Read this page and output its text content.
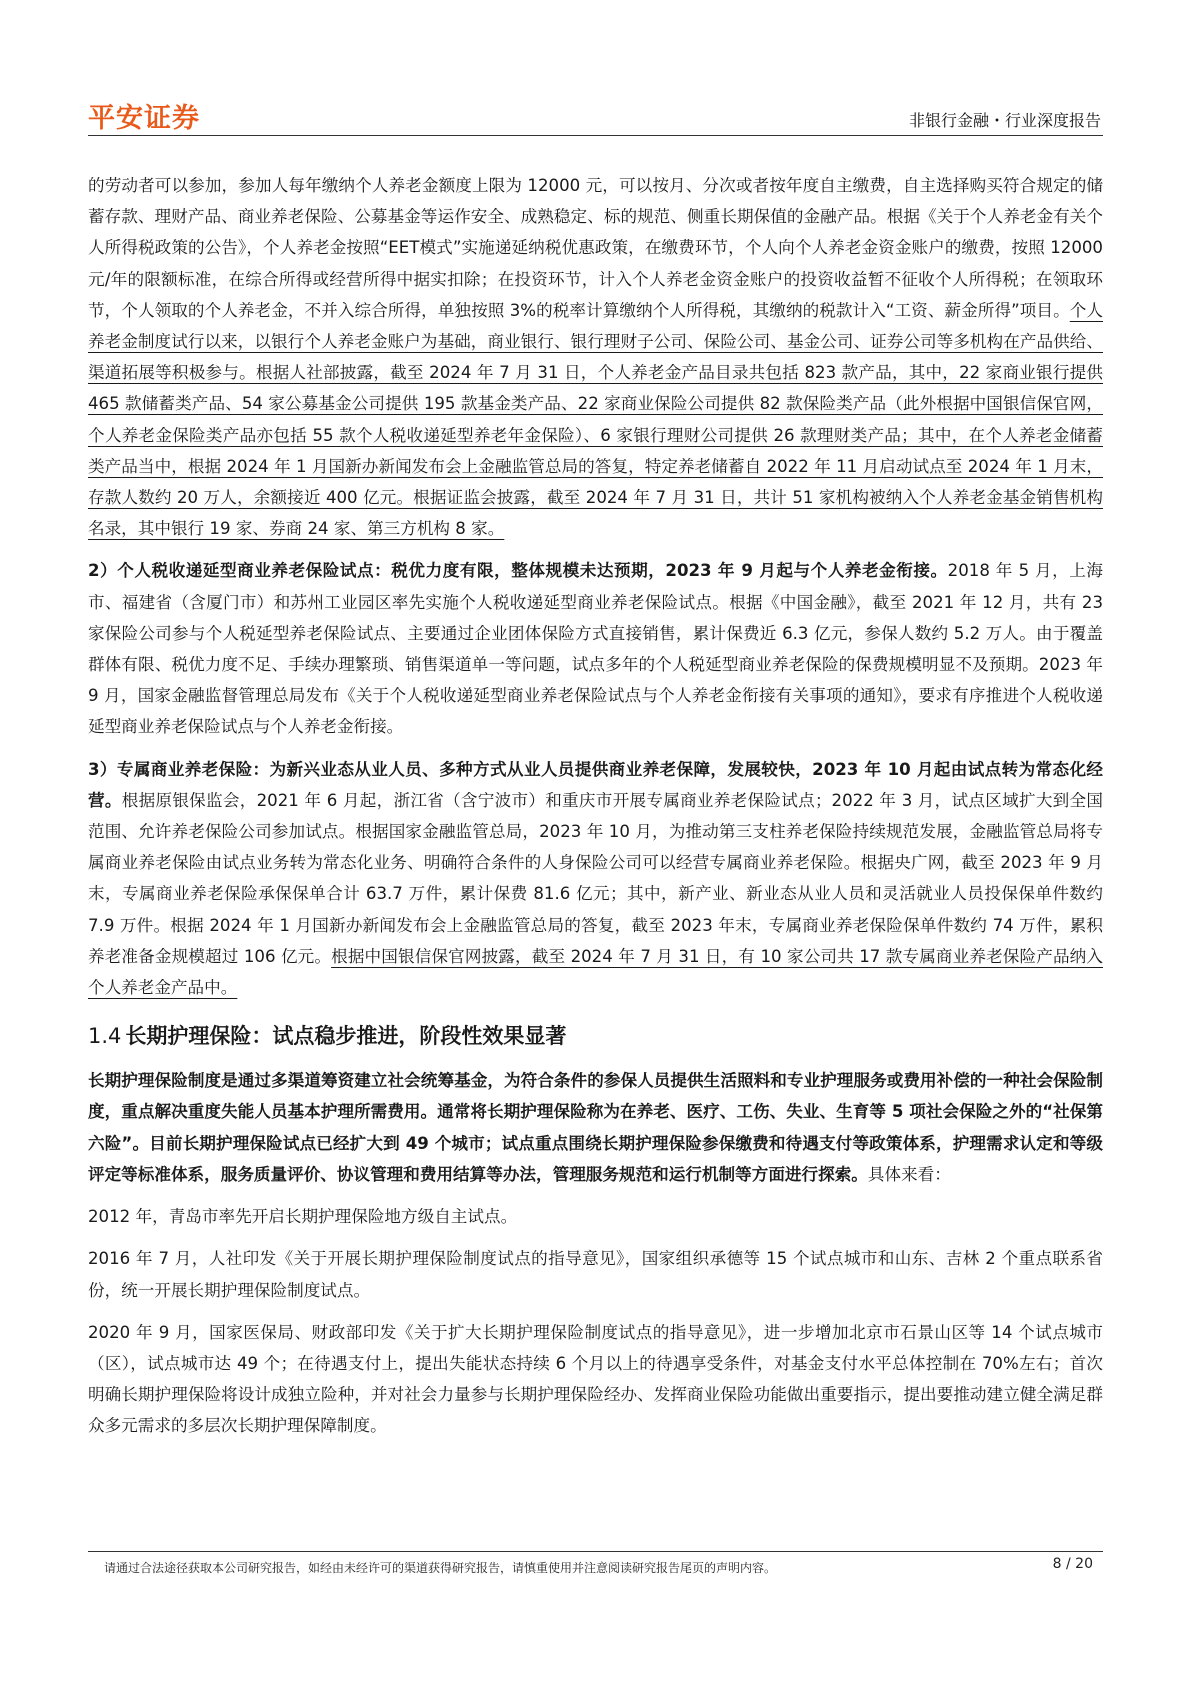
平安证券	非银行金融・行业深度报告

的劳动者可以参加，参加人每年缴纳个人养老金额度上限为 12000 元，可以按月、分次或者按年度自主缴费，自主选择购买符合规定的储蓄存款、理财产品、商业养老保险、公募基金等运作安全、成熟稳定、标的规范、侧重长期保值的金融产品。根据《关于个人养老金有关个人所得税政策的公告》，个人养老金按照“EET模式”实施递延纳税优惠政策，在缴费环节，个人向个人养老金资金账户的缴费，按照 12000 元/年的限额标准，在综合所得或经营所得中据实扣除；在投资环节，计入个人养老金资金账户的投资收益暂不征收个人所得税；在领取环节，个人领取的个人养老金，不并入综合所得，单独按照 3%的税率计算缴纳个人所得税，其缴纳的税款计入“工资、薪金所得”项目。个人养老金制度试行以来，以银行个人养老金账户为基础，商业银行、银行理财子公司、保险公司、基金公司、证券公司等多机构在产品供给、渠道拓展等积极参与。根据人社部披露，截至 2024 年 7 月 31 日，个人养老金产品目录共包括 823 款产品，其中，22 家商业银行提供 465 款储蓄类产品、54 家公募基金公司提供 195 款基金类产品、22 家商业保险公司提供 82 款保险类产品（此外根据中国银信保官网，个人养老金保险类产品亦包括 55 款个人税收递延型养老年金保险）、6 家银行理财公司提供 26 款理财类产品；其中，在个人养老金储蓄类产品当中，根据 2024 年 1 月国新办新闻发布会上金融监管总局的答复，特定养老储蓄自 2022 年 11 月启动试点至 2024 年 1 月末，存款人数约 20 万人，余额接近 400 亿元。根据证监会披露，截至 2024 年 7 月 31 日，共计 51 家机构被纳入个人养老金基金销售机构名录，其中银行 19 家、券商 24 家、第三方机构 8 家。

2）个人税收递延型商业养老保险试点：税优力度有限，整体规模未达预期，2023 年 9 月起与个人养老金衔接。2018 年 5 月，上海市、福建省（含厦门市）和苏州工业园区率先实施个人税收递延型商业养老保险试点。根据《中国金融》，截至 2021 年 12 月，共有 23 家保险公司参与个人税延型养老保险试点、主要通过企业团体保险方式直接销售，累计保费近 6.3 亿元，参保人数约 5.2 万人。由于覆盖群体有限、税优力度不足、手续办理繁琐、销售渠道单一等问题，试点多年的个人税延型商业养老保险的保费规模明显不及预期。2023 年 9 月，国家金融监督管理总局发布《关于个人税收递延型商业养老保险试点与个人养老金衔接有关事项的通知》，要求有序推进个人税收递延型商业养老保险试点与个人养老金衔接。

3）专属商业养老保险：为新兴业态从业人员、多种方式从业人员提供商业养老保障，发展较快，2023 年 10 月起由试点转为常态化经营。根据原银保监会，2021 年 6 月起，浙江省（含宁波市）和重庆市开展专属商业养老保险试点；2022 年 3 月，试点区域扩大到全国范围、允许养老保险公司参加试点。根据国家金融监管总局，2023 年 10 月，为推动第三支柱养老保险持续规范发展，金融监管总局将专属商业养老保险由试点业务转为常态化业务、明确符合条件的人身保险公司可以经营专属商业养老保险。根据央广网，截至 2023 年 9 月末，专属商业养老保险承保保单合计 63.7 万件，累计保费 81.6 亿元；其中，新产业、新业态从业人员和灵活就业人员投保保单件数约 7.9 万件。根据 2024 年 1 月国新办新闻发布会上金融监管总局的答复，截至 2023 年末，专属商业养老保险保单件数约 74 万件，累积养老准备金规模超过 106 亿元。根据中国银信保官网披露，截至 2024 年 7 月 31 日，有 10 家公司共 17 款专属商业养老保险产品纳入个人养老金产品中。

1.4 长期护理保险：试点稳步推进，阶段性效果显著

长期护理保险制度是通过多渠道筹资建立社会统筹基金，为符合条件的参保人员提供生活照料和专业护理服务或费用补偿的一种社会保险制度，重点解决重度失能人员基本护理所需费用。通常将长期护理保险称为在养老、医疗、工伤、失业、生育等 5 项社会保险之外的“社保第六险”。目前长期护理保险试点已经扩大到 49 个城市；试点重点围绕长期护理保险参保缴费和待遇支付等政策体系，护理需求认定和等级评定等标准体系，服务质量评价、协议管理和费用结算等办法，管理服务规范和运行机制等方面进行探索。具体来看：

2012 年，青岛市率先开启长期护理保险地方级自主试点。

2016 年 7 月，人社印发《关于开展长期护理保险制度试点的指导意见》，国家组织承德等 15 个试点城市和山东、吉林 2 个重点联系省份，统一开展长期护理保险制度试点。

2020 年 9 月，国家医保局、财政部印发《关于扩大长期护理保险制度试点的指导意见》，进一步增加北京市石景山区等 14 个试点城市（区），试点城市达 49 个；在待遇支付上，提出失能状态持续 6 个月以上的待遇享受条件，对基金支付水平总体控制在 70%左右；首次明确长期护理保险将设计成独立险种，并对社会力量参与长期护理保险经办、发挥商业保险功能做出重要指示，提出要推动建立健全满足群众多元需求的多层次长期护理保障制度。

请通过合法途径获取本公司研究报告，如经由未经许可的渠道获得研究报告，请慎重使用并注意阅读研究报告尾页的声明内容。	8 / 20
